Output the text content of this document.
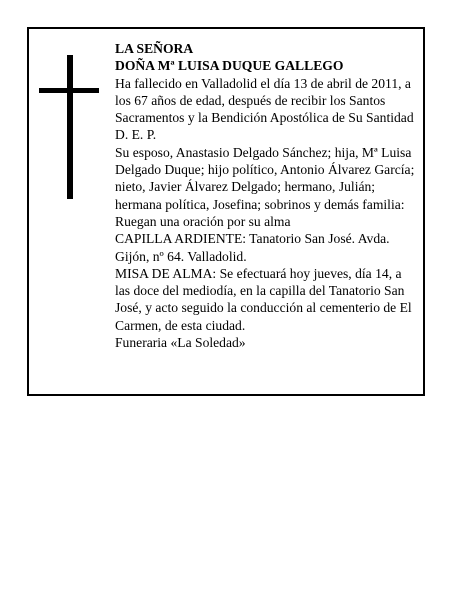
LA SEÑORA

DOÑA Mª LUISA DUQUE GALLEGO

Ha fallecido en Valladolid el día 13 de abril de 2011, a los 67 años de edad, después de recibir los Santos Sacramentos y la Bendición Apostólica de Su Santidad D. E. P.

Su esposo, Anastasio Delgado Sánchez; hija, Mª Luisa Delgado Duque; hijo político, Antonio Álvarez García; nieto, Javier Álvarez Delgado; hermano, Julián; hermana política, Josefina; sobrinos y demás familia:

Ruegan una oración por su alma

CAPILLA ARDIENTE: Tanatorio San José. Avda. Gijón, nº 64. Valladolid.

MISA DE ALMA: Se efectuará hoy jueves, día 14, a las doce del mediodía, en la capilla del Tanatorio San José, y acto seguido la conducción al cementerio de El Carmen, de esta ciudad.

Funeraria «La Soledad»
